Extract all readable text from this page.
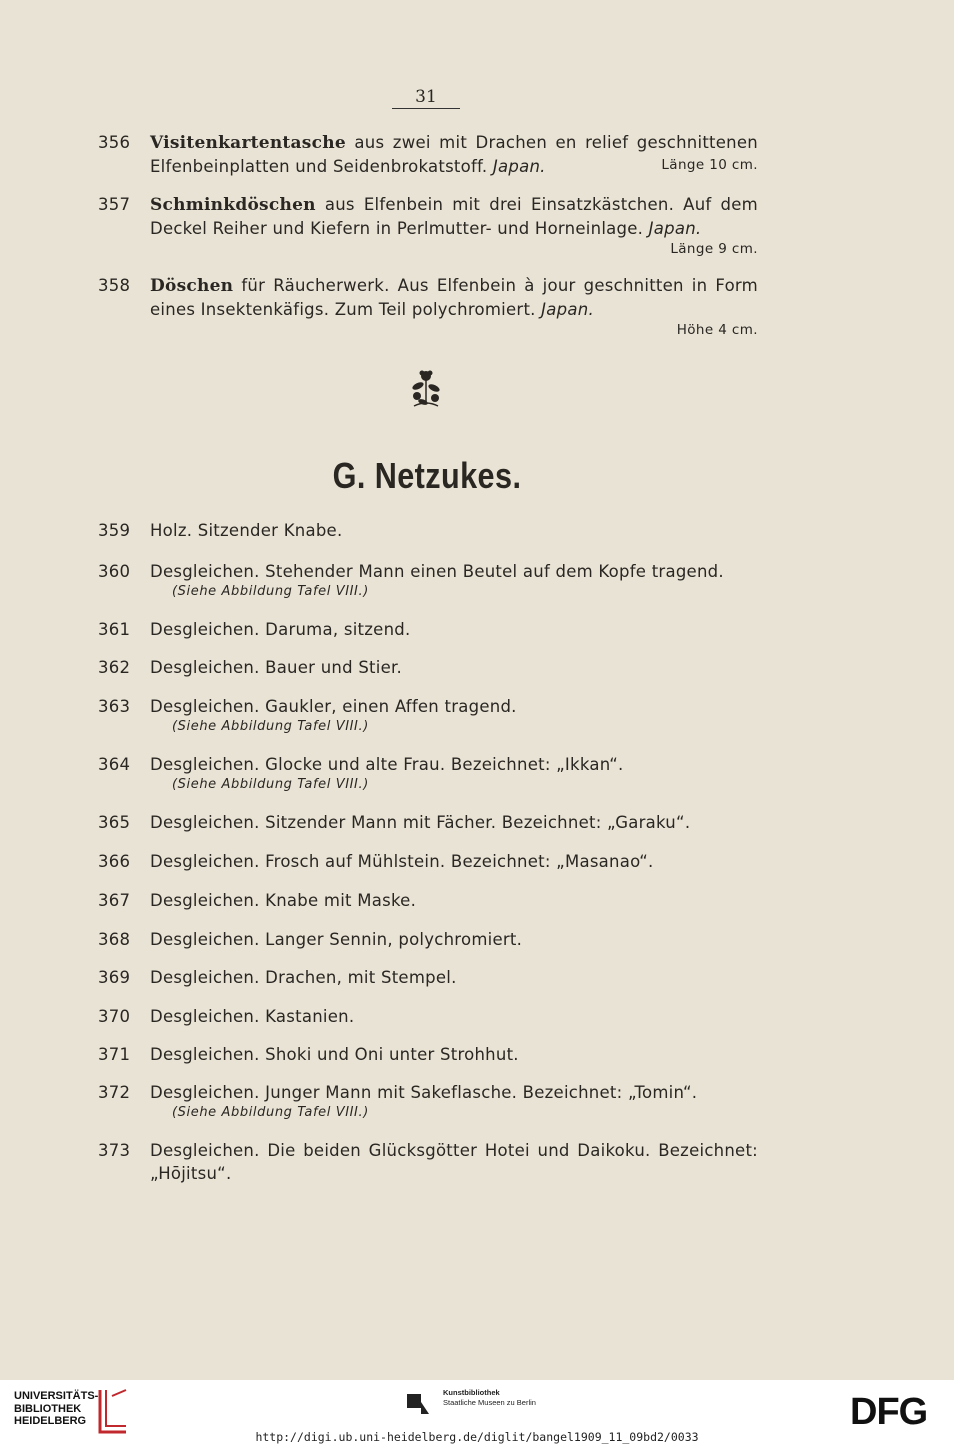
31
356	Visitenkartentasche aus zwei mit Drachen en relief geschnittenen Elfenbeinplatten und Seidenbrokatstoff. Japan.	Länge 10 cm.
357	Schminkdöschen aus Elfenbein mit drei Einsatzkästchen. Auf dem Deckel Reiher und Kiefern in Perlmutter- und Horneinlage. Japan.
Länge 9 cm.
358	Döschen für Räucherwerk. Aus Elfenbein à jour geschnitten in Form eines Insektenkäfigs. Zum Teil polychromiert. Japan.
Höhe 4 cm.
G. Netzukes.
359	Holz. Sitzender Knabe.
360	Desgleichen. Stehender Mann einen Beutel auf dem Kopfe tragend.
(Siehe Abbildung Tafel VIII.)
361	Desgleichen. Daruma, sitzend.
362	Desgleichen. Bauer und Stier.
363	Desgleichen. Gaukler, einen Affen tragend.
(Siehe Abbildung Tafel VIII.)
364	Desgleichen. Glocke und alte Frau. Bezeichnet: „Ikkan“.
(Siehe Abbildung Tafel VIII.)
365	Desgleichen. Sitzender Mann mit Fächer. Bezeichnet: „Garaku“.
366	Desgleichen. Frosch auf Mühlstein. Bezeichnet: „Masanao“.
367	Desgleichen. Knabe mit Maske.
368	Desgleichen. Langer Sennin, polychromiert.
369	Desgleichen. Drachen, mit Stempel.
370	Desgleichen. Kastanien.
371	Desgleichen. Shoki und Oni unter Strohhut.
372	Desgleichen. Junger Mann mit Sakeflasche. Bezeichnet: „Tomin“.
(Siehe Abbildung Tafel VIII.)
373	Desgleichen. Die beiden Glücksgötter Hotei und Daikoku. Bezeichnet: „Hōjitsu“.
UNIVERSITÄTS-
BIBLIOTHEK
HEIDELBERG
Kunstbibliothek
Staatliche Museen zu Berlin	DFG
http://digi.ub.uni-heidelberg.de/diglit/bangel1909_11_09bd2/0033
